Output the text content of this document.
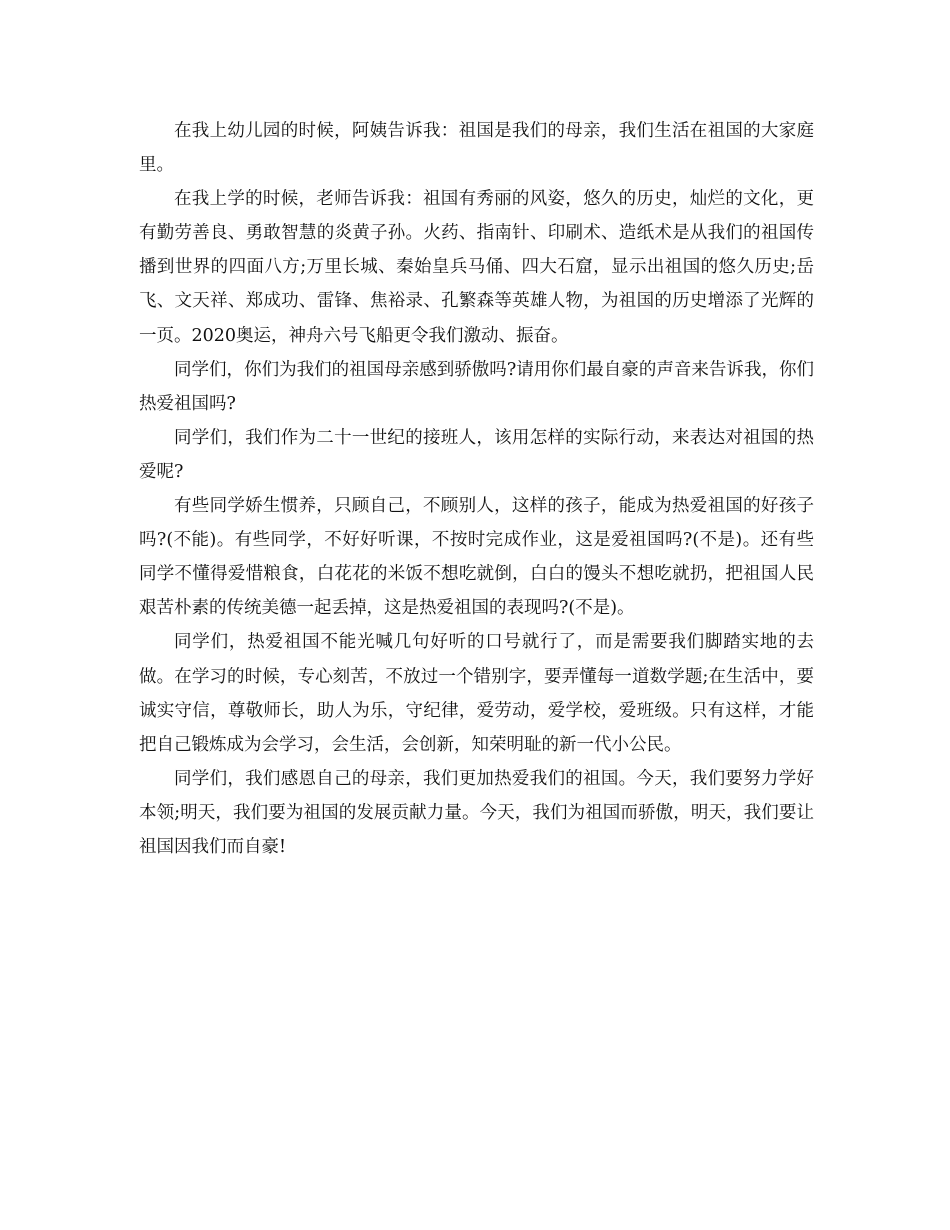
在我上幼儿园的时候，阿姨告诉我：祖国是我们的母亲，我们生活在祖国的大家庭里。

在我上学的时候，老师告诉我：祖国有秀丽的风姿，悠久的历史，灿烂的文化，更有勤劳善良、勇敢智慧的炎黄子孙。火药、指南针、印刷术、造纸术是从我们的祖国传播到世界的四面八方;万里长城、秦始皇兵马俑、四大石窟，显示出祖国的悠久历史;岳飞、文天祥、郑成功、雷锋、焦裕录、孔繁森等英雄人物，为祖国的历史增添了光辉的一页。2020奥运，神舟六号飞船更令我们激动、振奋。

同学们，你们为我们的祖国母亲感到骄傲吗?请用你们最自豪的声音来告诉我，你们热爱祖国吗?

同学们，我们作为二十一世纪的接班人，该用怎样的实际行动，来表达对祖国的热爱呢?

有些同学娇生惯养，只顾自己，不顾别人，这样的孩子，能成为热爱祖国的好孩子吗?(不能)。有些同学，不好好听课，不按时完成作业，这是爱祖国吗?(不是)。还有些同学不懂得爱惜粮食，白花花的米饭不想吃就倒，白白的馒头不想吃就扔，把祖国人民艰苦朴素的传统美德一起丢掉，这是热爱祖国的表现吗?(不是)。

同学们，热爱祖国不能光喊几句好听的口号就行了，而是需要我们脚踏实地的去做。在学习的时候，专心刻苦，不放过一个错别字，要弄懂每一道数学题;在生活中，要诚实守信，尊敬师长，助人为乐，守纪律，爱劳动，爱学校，爱班级。只有这样，才能把自己锻炼成为会学习，会生活，会创新，知荣明耻的新一代小公民。

同学们，我们感恩自己的母亲，我们更加热爱我们的祖国。今天，我们要努力学好本领;明天，我们要为祖国的发展贡献力量。今天，我们为祖国而骄傲，明天，我们要让祖国因我们而自豪!
